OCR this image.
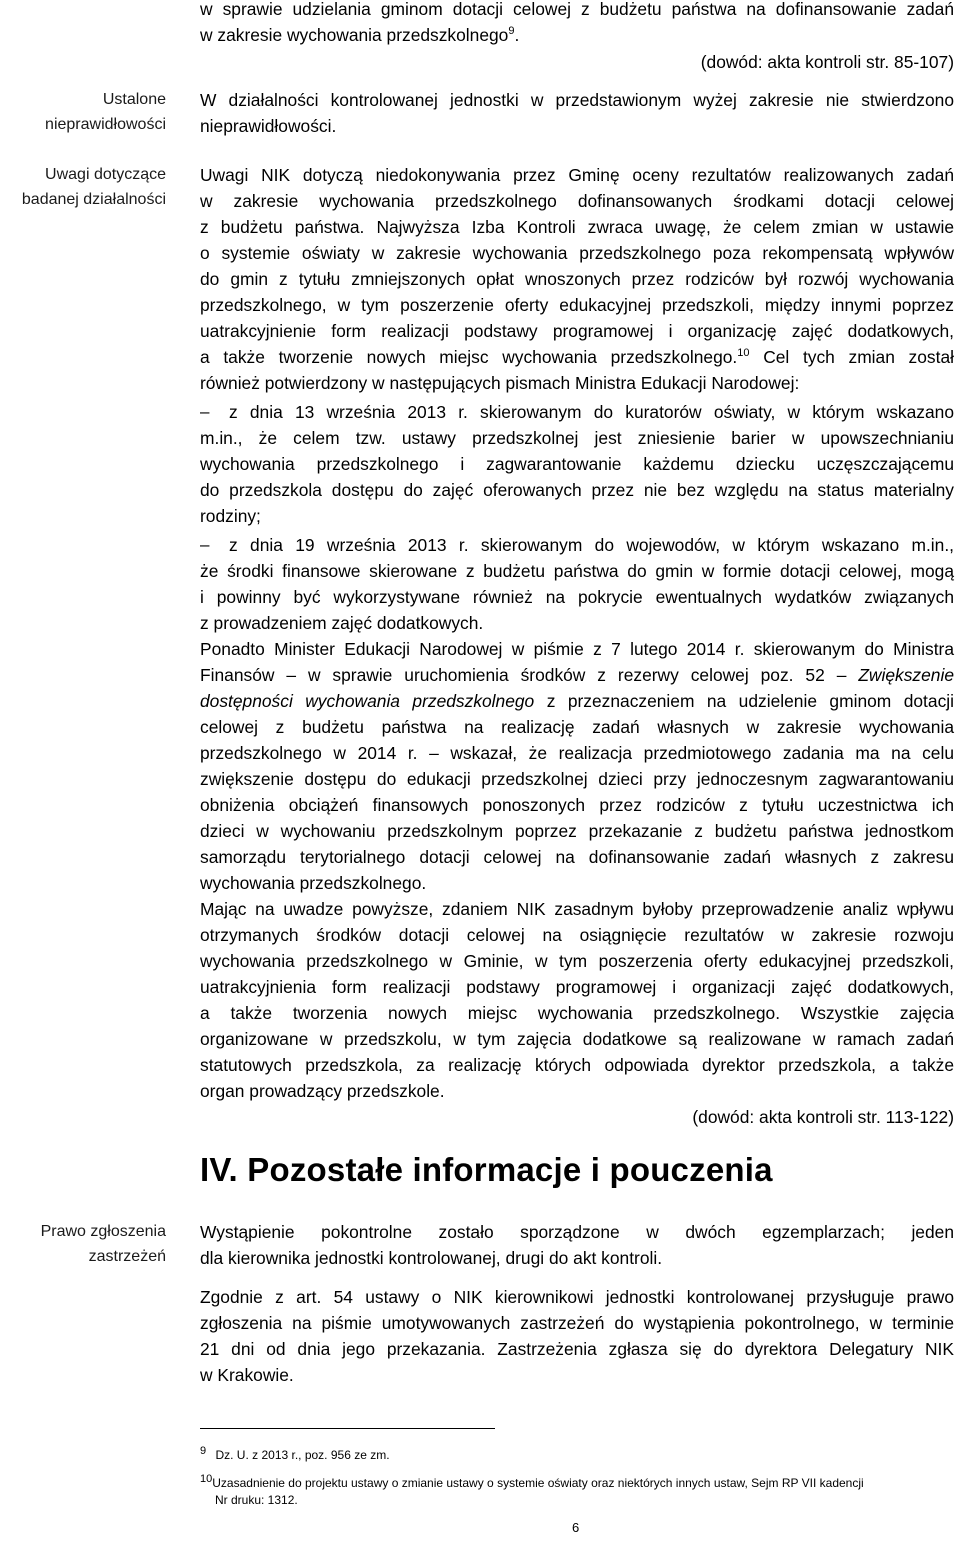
Ustalone
nieprawidłowości
Uwagi dotyczące
badanej działalności
Prawo zgłoszenia
zastrzeżeń
w sprawie udzielania gminom dotacji celowej z budżetu państwa na dofinansowanie zadań
w zakresie wychowania przedszkolnego$^9$.
(dowód: akta kontroli str. 85-107)
W działalności kontrolowanej jednostki w przedstawionym wyżej zakresie nie stwierdzono
nieprawidłowości.
Uwagi NIK dotyczą niedokonywania przez Gminę oceny rezultatów realizowanych zadań
w zakresie wychowania przedszkolnego dofinansowanych środkami dotacji celowej
z budżetu państwa. Najwyższa Izba Kontroli zwraca uwagę, że celem zmian w ustawie
o systemie oświaty w zakresie wychowania przedszkolnego poza rekompensatą wpływów
do gmin z tytułu zmniejszonych opłat wnoszonych przez rodziców był rozwój wychowania
przedszkolnego, w tym poszerzenie oferty edukacyjnej przedszkoli, między innymi poprzez
uatrakcyjnienie form realizacji podstawy programowej i organizację zajęć dodatkowych,
a także tworzenie nowych miejsc wychowania przedszkolnego.$^{10}$ Cel tych zmian został
również potwierdzony w następujących pismach Ministra Edukacji Narodowej:
– z dnia 13 września 2013 r. skierowanym do kuratorów oświaty, w którym wskazano
m.in., że celem tzw. ustawy przedszkolnej jest zniesienie barier w upowszechnianiu
wychowania przedszkolnego i zagwarantowanie każdemu dziecku uczęszczającemu
do przedszkola dostępu do zajęć oferowanych przez nie bez względu na status materialny
rodziny;
– z dnia 19 września 2013 r. skierowanym do wojewodów, w którym wskazano m.in.,
że środki finansowe skierowane z budżetu państwa do gmin w formie dotacji celowej, mogą
i powinny być wykorzystywane również na pokrycie ewentualnych wydatków związanych
z prowadzeniem zajęć dodatkowych.
Ponadto Minister Edukacji Narodowej w piśmie z 7 lutego 2014 r. skierowanym do Ministra
Finansów – w sprawie uruchomienia środków z rezerwy celowej poz. 52 – Zwiększenie
dostępności wychowania przedszkolnego z przeznaczeniem na udzielenie gminom dotacji
celowej z budżetu państwa na realizację zadań własnych w zakresie wychowania
przedszkolnego w 2014 r. – wskazał, że realizacja przedmiotowego zadania ma na celu
zwiększenie dostępu do edukacji przedszkolnej dzieci przy jednoczesnym zagwarantowaniu
obniżenia obciążeń finansowych ponoszonych przez rodziców z tytułu uczestnictwa ich
dzieci w wychowaniu przedszkolnym poprzez przekazanie z budżetu państwa jednostkom
samorządu terytorialnego dotacji celowej na dofinansowanie zadań własnych z zakresu
wychowania przedszkolnego.
Mając na uwadze powyższe, zdaniem NIK zasadnym byłoby przeprowadzenie analiz wpływu
otrzymanych środków dotacji celowej na osiągnięcie rezultatów w zakresie rozwoju
wychowania przedszkolnego w Gminie, w tym poszerzenia oferty edukacyjnej przedszkoli,
uatrakcyjnienia form realizacji podstawy programowej i organizacji zajęć dodatkowych,
a także tworzenia nowych miejsc wychowania przedszkolnego. Wszystkie zajęcia
organizowane w przedszkolu, w tym zajęcia dodatkowe są realizowane w ramach zadań
statutowych przedszkola, za realizację których odpowiada dyrektor przedszkola, a także
organ prowadzący przedszkole.
(dowód: akta kontroli str. 113-122)
IV. Pozostałe informacje i pouczenia
Wystąpienie pokontrolne zostało sporządzone w dwóch egzemplarzach; jeden
dla kierownika jednostki kontrolowanej, drugi do akt kontroli.
Zgodnie z art. 54 ustawy o NIK kierownikowi jednostki kontrolowanej przysługuje prawo
zgłoszenia na piśmie umotywowanych zastrzeżeń do wystąpienia pokontrolnego, w terminie
21 dni od dnia jego przekazania. Zastrzeżenia zgłasza się do dyrektora Delegatury NIK
w Krakowie.
$^9$ Dz. U. z 2013 r., poz. 956 ze zm.
$^{10}$Uzasadnienie do projektu ustawy o zmianie ustawy o systemie oświaty oraz niektórych innych ustaw, Sejm RP VII kadencji
Nr druku: 1312.
6
